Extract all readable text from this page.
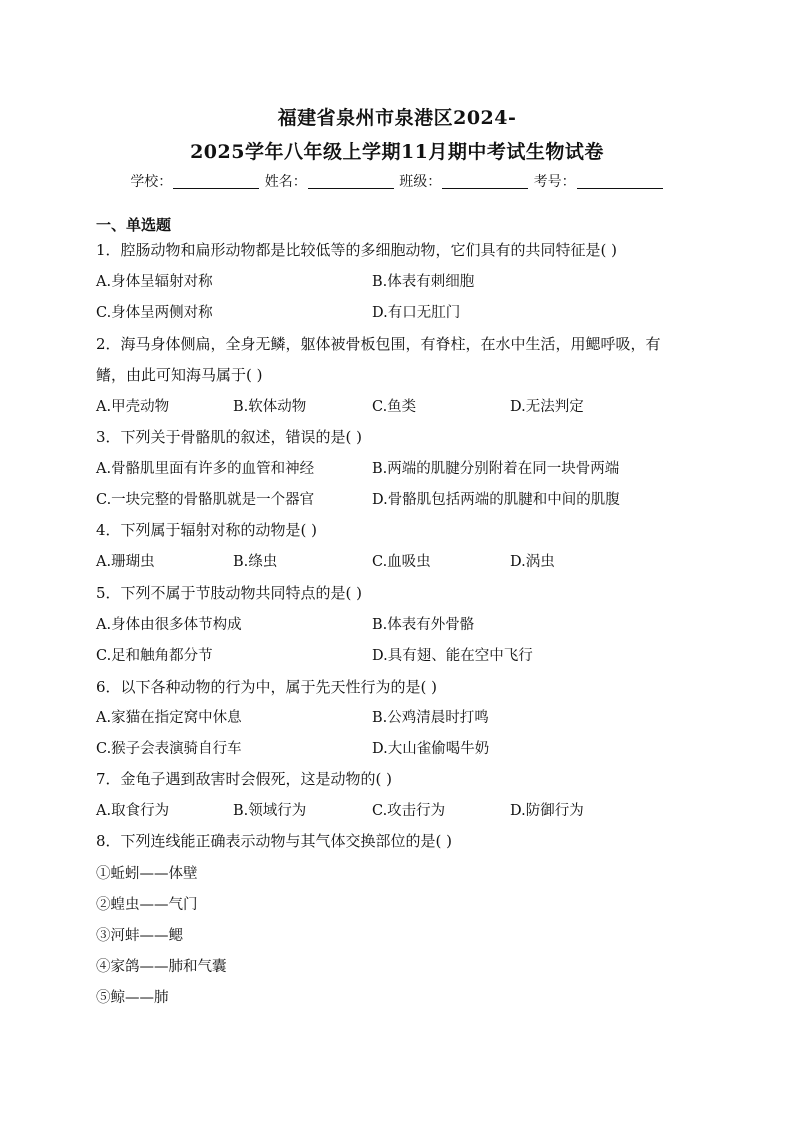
福建省泉州市泉港区2024-
2025学年八年级上学期11月期中考试生物试卷
学校：	姓名：	班级：	考号：
一、单选题
1．腔肠动物和扁形动物都是比较低等的多细胞动物，它们具有的共同特征是( )
A.身体呈辐射对称	B.体表有刺细胞
C.身体呈两侧对称	D.有口无肛门
2．海马身体侧扁，全身无鳞，躯体被骨板包围，有脊柱，在水中生活，用鳃呼吸，有
鳍，由此可知海马属于( )
A.甲壳动物	B.软体动物	C.鱼类	D.无法判定
3．下列关于骨骼肌的叙述，错误的是( )
A.骨骼肌里面有许多的血管和神经	B.两端的肌腱分别附着在同一块骨两端
C.一块完整的骨骼肌就是一个器官	D.骨骼肌包括两端的肌腱和中间的肌腹
4．下列属于辐射对称的动物是( )
A.珊瑚虫	B.绦虫	C.血吸虫	D.涡虫
5．下列不属于节肢动物共同特点的是( )
A.身体由很多体节构成	B.体表有外骨骼
C.足和触角都分节	D.具有翅、能在空中飞行
6．以下各种动物的行为中，属于先天性行为的是( )
A.家猫在指定窝中休息	B.公鸡清晨时打鸣
C.猴子会表演骑自行车	D.大山雀偷喝牛奶
7．金龟子遇到敌害时会假死，这是动物的( )
A.取食行为	B.领域行为	C.攻击行为	D.防御行为
8．下列连线能正确表示动物与其气体交换部位的是( )
①蚯蚓——体壁
②蝗虫——气门
③河蚌——鳃
④家鸽——肺和气囊
⑤鲸——肺
